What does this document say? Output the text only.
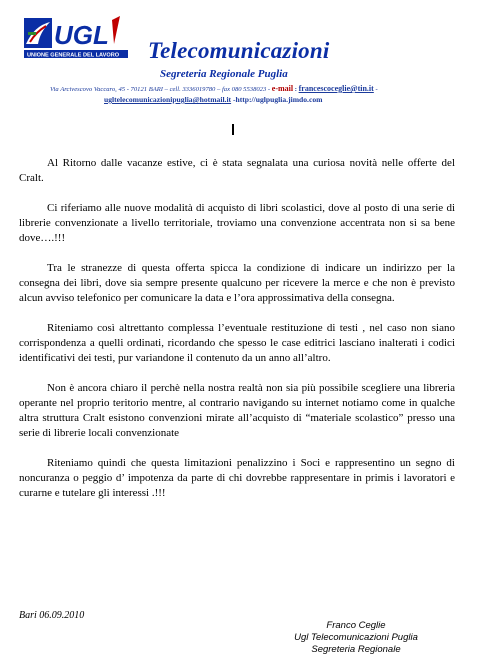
UGL
UNIONE GENERALE DEL LAVORO Telecomunicazioni
Segreteria Regionale Puglia
Via Arcivescovo Vaccaro, 45 - 70121 BARI – cell. 3336019780 – fax 080 5538023 - e-mail : francescoceglie@tin.it -
ugltelecomunicazionipuglia@hotmail.it -http://uglpuglia.jimdo.com

Al Ritorno dalle vacanze estive, ci è stata segnalata una curiosa novità nelle offerte del Cralt.

Ci riferiamo alle nuove modalità di acquisto di libri scolastici, dove al posto di una serie di librerie convenzionate a livello territoriale, troviamo una convenzione accentrata non si sa bene dove….!!!

Tra le stranezze di questa offerta spicca la condizione di indicare un indirizzo per la consegna dei libri, dove sia sempre presente qualcuno per ricevere la merce e che non è previsto alcun avviso telefonico per comunicare la data e l’ora approssimativa della consegna.

Riteniamo così altrettanto complessa l’eventuale restituzione di testi , nel caso non siano corrispondenza a quelli ordinati, ricordando che spesso le case editrici lasciano inalterati i codici identificativi dei testi, pur variandone il contenuto da un anno all’altro.

Non è ancora chiaro il perchè nella nostra realtà non sia più possibile scegliere una libreria operante nel proprio teritorio mentre, al contrario navigando su internet notiamo come in qualche altra struttura Cralt esistono convenzioni mirate all’acquisto di “materiale scolastico” presso una serie di librerie locali convenzionate

Riteniamo quindi che questa limitazioni penalizzino i Soci e rappresentino un segno di noncuranza o peggio d’ impotenza da parte di chi dovrebbe rappresentare in primis i lavoratori e curarne e tutelare gli interessi .!!!

Bari 06.09.2010
Franco Ceglie
Ugl Telecomunicazioni Puglia
Segreteria Regionale
